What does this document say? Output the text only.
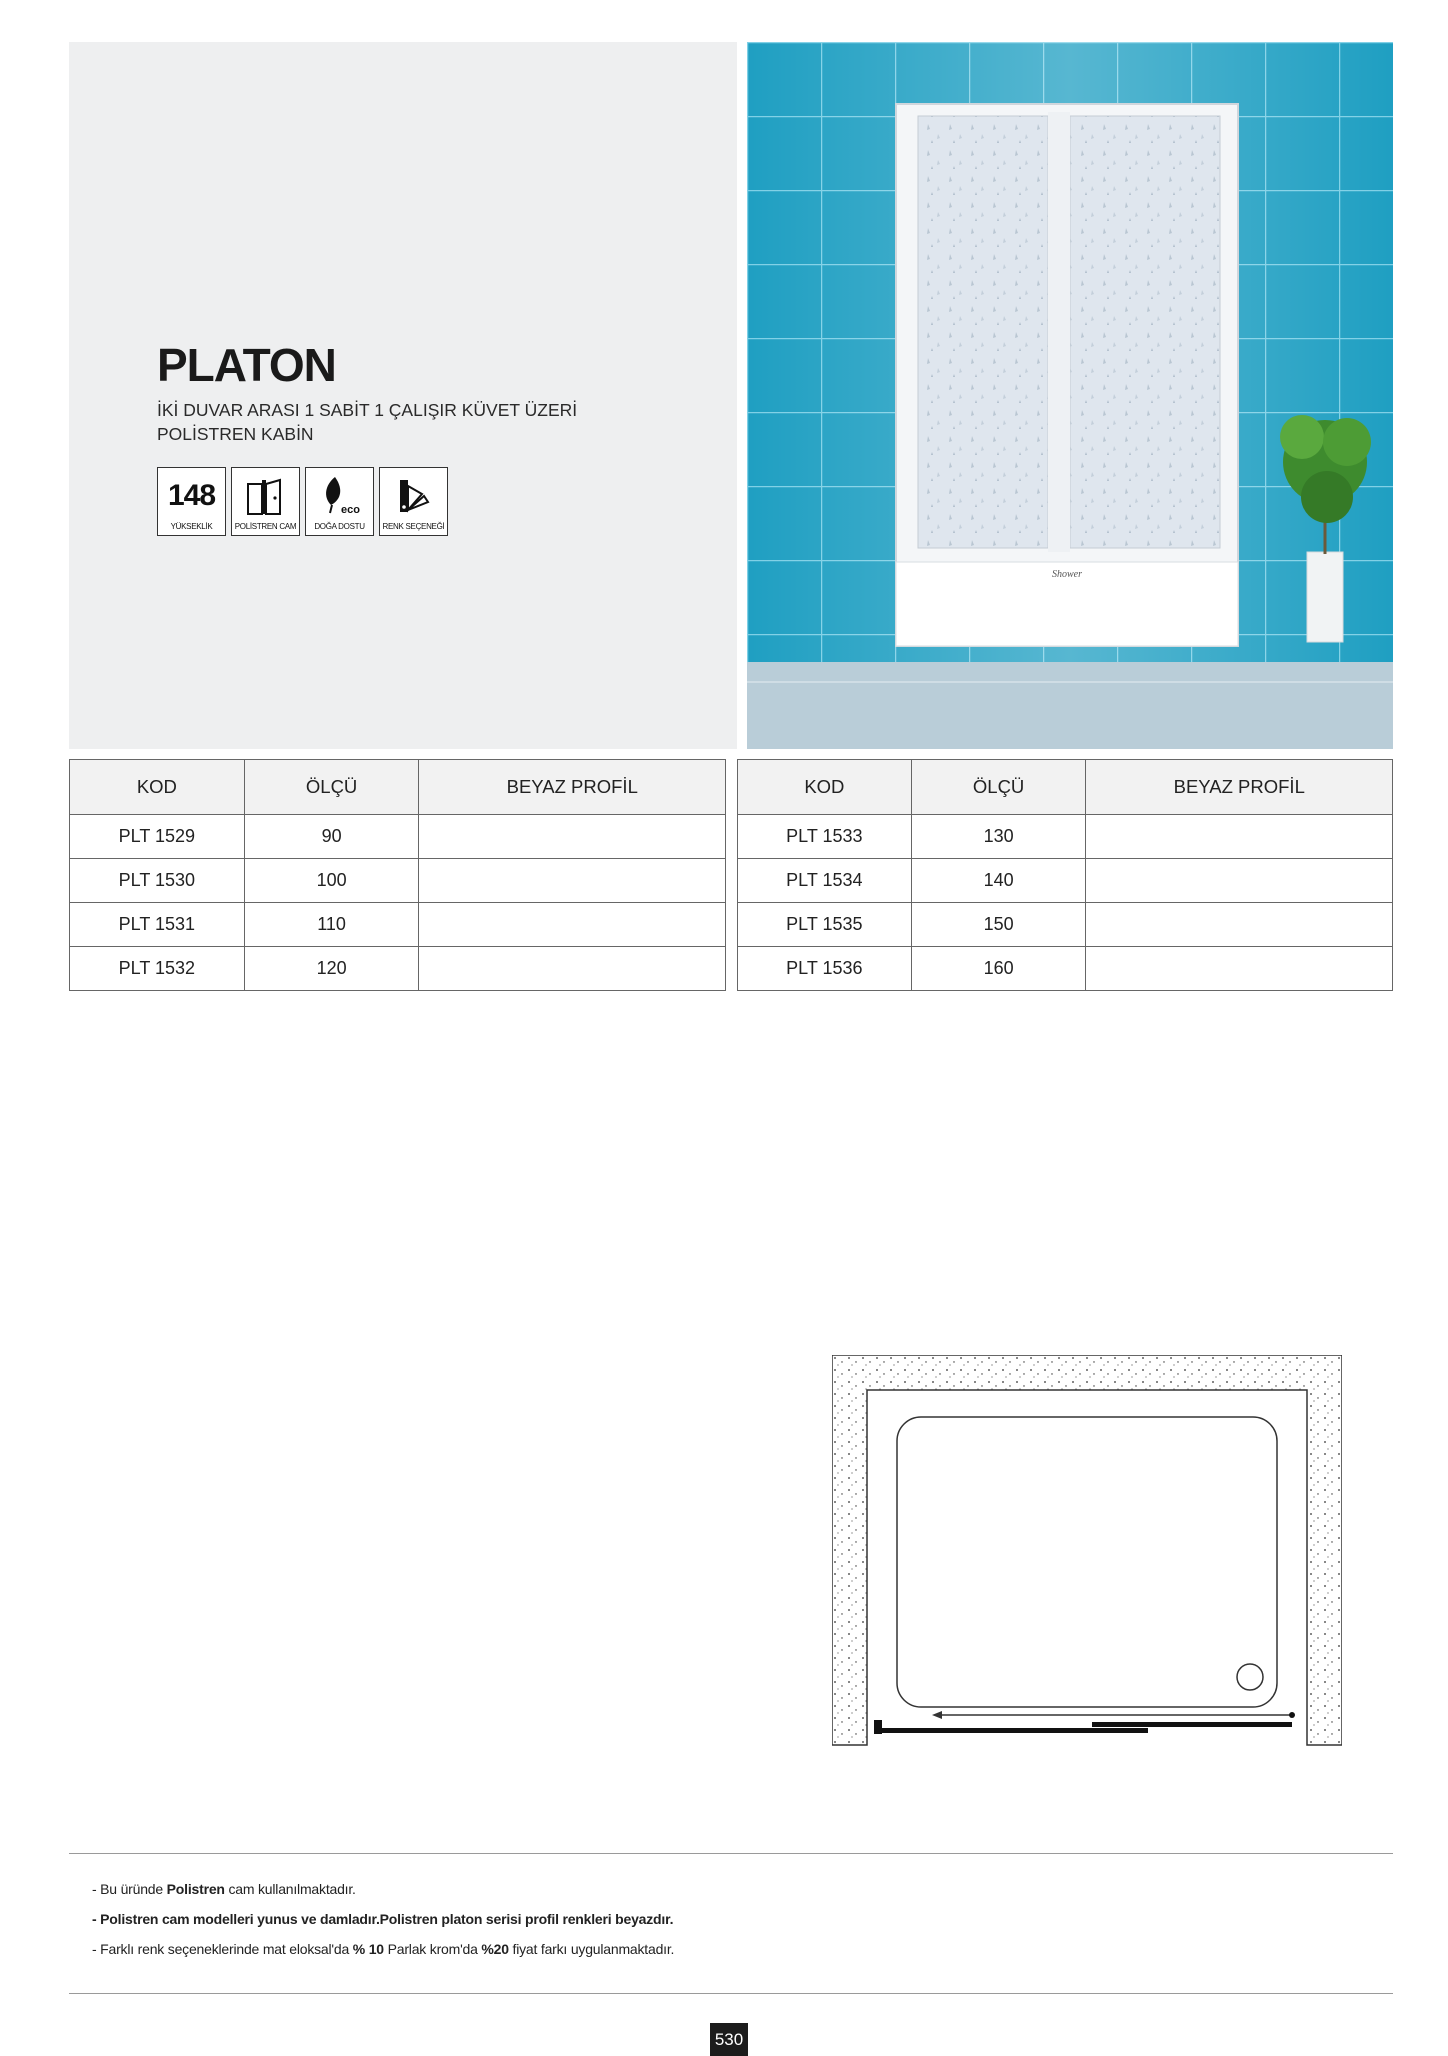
PLATON
İKİ DUVAR ARASI 1 SABİT 1 ÇALIŞIR KÜVET ÜZERİ
POLİSTREN KABİN
148
YÜKSEKLİK	POLİSTREN CAM
eco
DOĞA DOSTU	RENK SEÇENEĞİ
Shower
KOD	ÖLÇÜ	BEYAZ PROFİL
PLT 1529	90	
PLT 1530	100	
PLT 1531	110	
PLT 1532	120	
KOD	ÖLÇÜ	BEYAZ PROFİL
PLT 1533	130	
PLT 1534	140	
PLT 1535	150	
PLT 1536	160	
- Bu üründe Polistren cam kullanılmaktadır.
- Polistren cam modelleri yunus ve damladır.Polistren platon serisi profil renkleri beyazdır.
- Farklı renk seçeneklerinde mat eloksal'da % 10 Parlak krom'da %20 fiyat farkı uygulanmaktadır.
530
